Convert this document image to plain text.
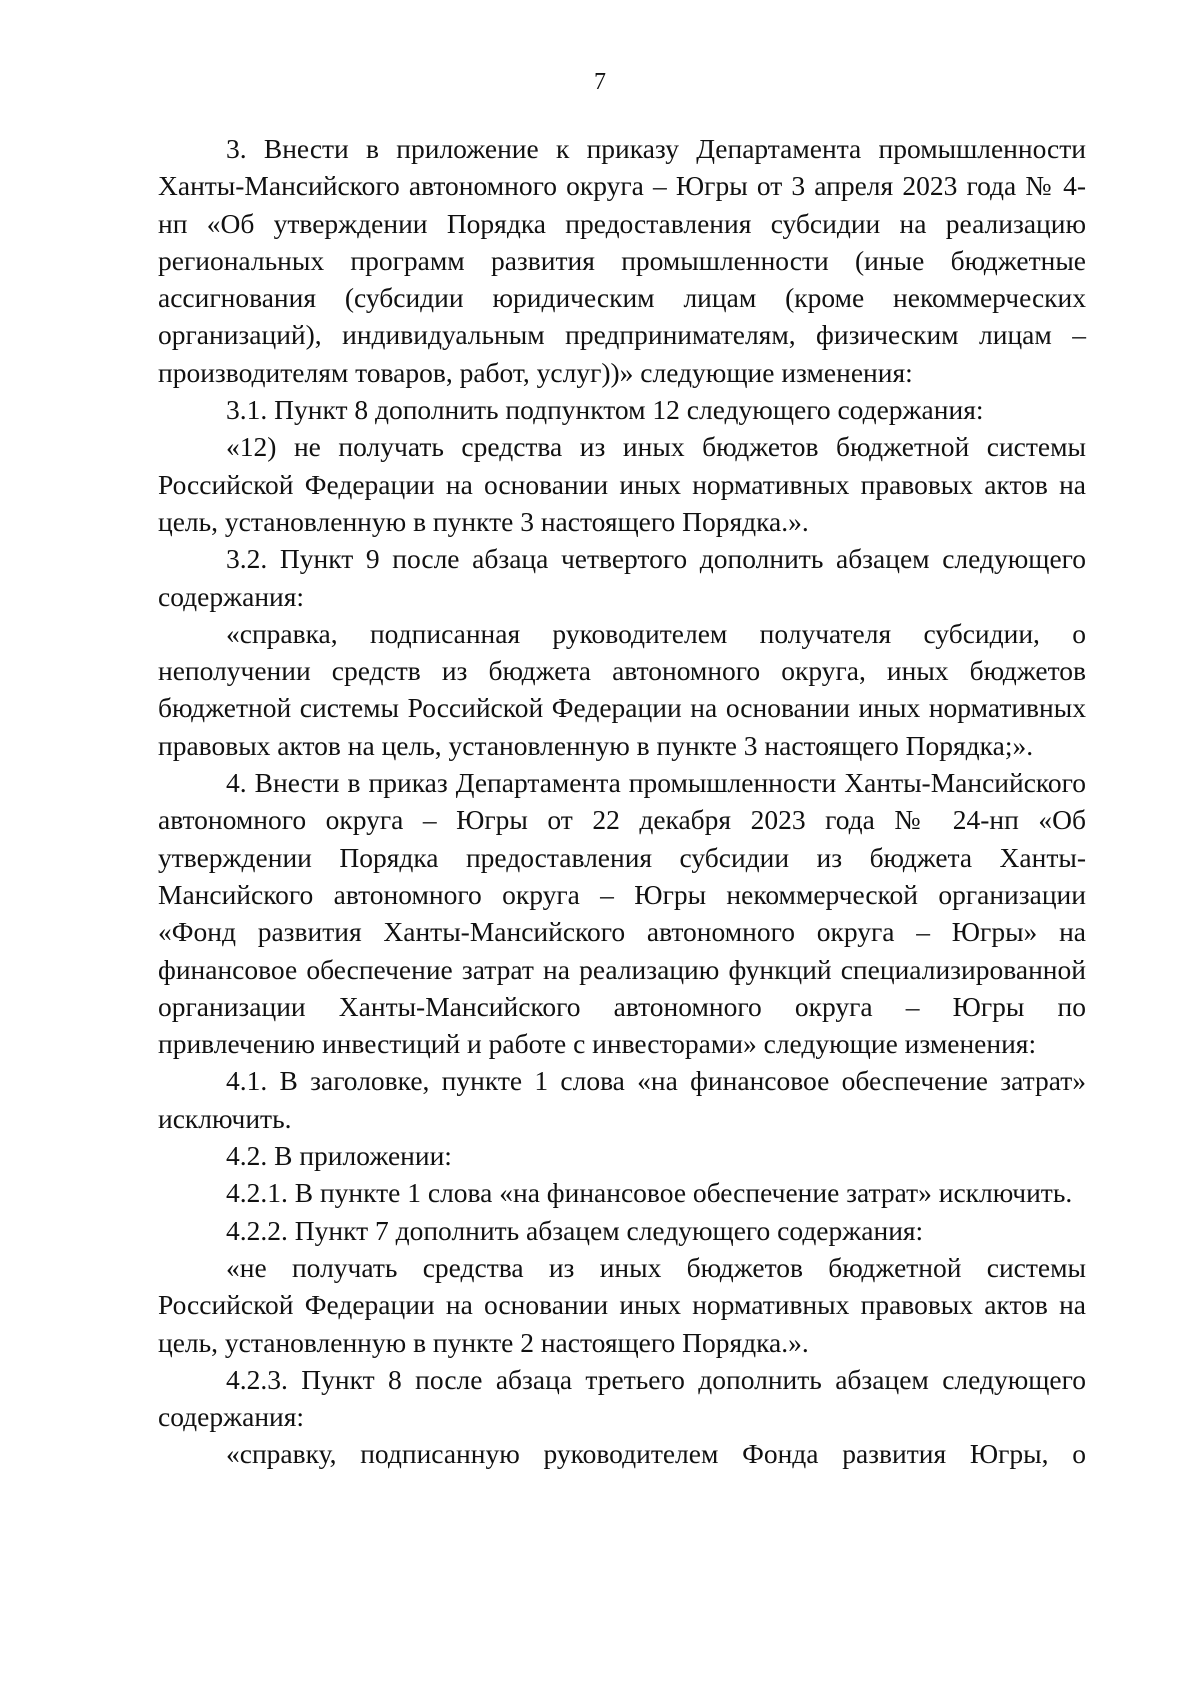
7

3. Внести в приложение к приказу Департамента промышленности Ханты-Мансийского автономного округа – Югры от 3 апреля 2023 года № 4-нп «Об утверждении Порядка предоставления субсидии на реализацию региональных программ развития промышленности (иные бюджетные ассигнования (субсидии юридическим лицам (кроме некоммерческих организаций), индивидуальным предпринимателям, физическим лицам – производителям товаров, работ, услуг))» следующие изменения:

3.1. Пункт 8 дополнить подпунктом 12 следующего содержания:

«12) не получать средства из иных бюджетов бюджетной системы Российской Федерации на основании иных нормативных правовых актов на цель, установленную в пункте 3 настоящего Порядка.».

3.2. Пункт 9 после абзаца четвертого дополнить абзацем следующего содержания:

«справка, подписанная руководителем получателя субсидии, о неполучении средств из бюджета автономного округа, иных бюджетов бюджетной системы Российской Федерации на основании иных нормативных правовых актов на цель, установленную в пункте 3 настоящего Порядка;».

4. Внести в приказ Департамента промышленности Ханты-Мансийского автономного округа – Югры от 22 декабря 2023 года № 24-нп «Об утверждении Порядка предоставления субсидии из бюджета Ханты-Мансийского автономного округа – Югры некоммерческой организации «Фонд развития Ханты-Мансийского автономного округа – Югры» на финансовое обеспечение затрат на реализацию функций специализированной организации Ханты-Мансийского автономного округа – Югры по привлечению инвестиций и работе с инвесторами» следующие изменения:

4.1. В заголовке, пункте 1 слова «на финансовое обеспечение затрат» исключить.

4.2. В приложении:

4.2.1. В пункте 1 слова «на финансовое обеспечение затрат» исключить.

4.2.2. Пункт 7 дополнить абзацем следующего содержания:

«не получать средства из иных бюджетов бюджетной системы Российской Федерации на основании иных нормативных правовых актов на цель, установленную в пункте 2 настоящего Порядка.».

4.2.3. Пункт 8 после абзаца третьего дополнить абзацем следующего содержания:

«справку, подписанную руководителем Фонда развития Югры, о
